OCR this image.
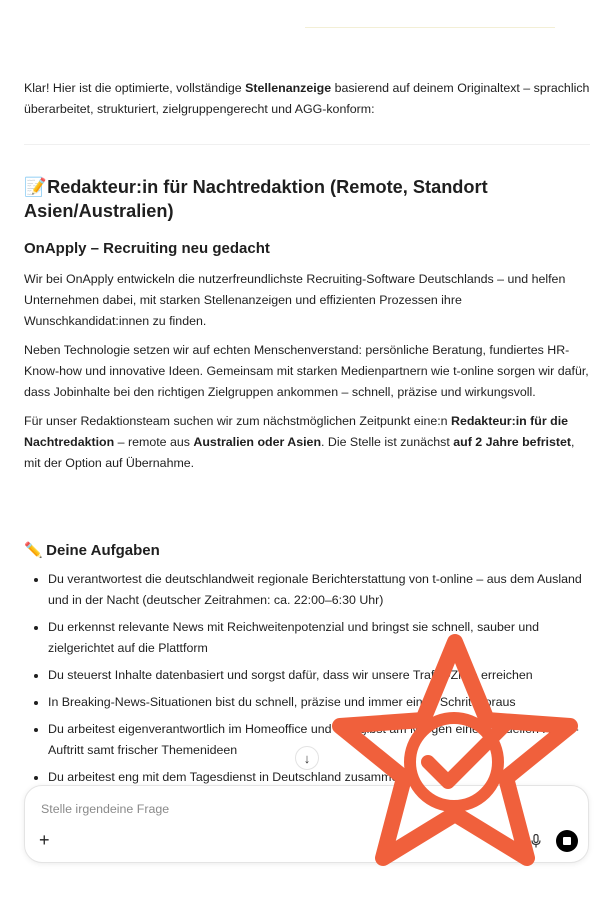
Klar! Hier ist die optimierte, vollständige Stellenanzeige basierend auf deinem Originaltext – sprachlich überarbeitet, strukturiert, zielgruppengerecht und AGG-konform:

📝 Redakteur:in für Nachtredaktion (Remote, Standort Asien/Australien)
OnApply – Recruiting neu gedacht

Wir bei OnApply entwickeln die nutzerfreundlichste Recruiting-Software Deutschlands – und helfen Unternehmen dabei, mit starken Stellenanzeigen und effizienten Prozessen ihre Wunschkandidat:innen zu finden.

Neben Technologie setzen wir auf echten Menschenverstand: persönliche Beratung, fundiertes HR-Know-how und innovative Ideen. Gemeinsam mit starken Medienpartnern wie t-online sorgen wir dafür, dass Jobinhalte bei den richtigen Zielgruppen ankommen – schnell, präzise und wirkungsvoll.

Für unser Redaktionsteam suchen wir zum nächstmöglichen Zeitpunkt eine:n Redakteur:in für die Nachtredaktion – remote aus Australien oder Asien. Die Stelle ist zunächst auf 2 Jahre befristet, mit der Option auf Übernahme.

✏️ Deine Aufgaben
• Du verantwortest die deutschlandweit regionale Berichterstattung von t-online – aus dem Ausland und in der Nacht (deutscher Zeitrahmen: ca. 22:00–6:30 Uhr)
• Du erkennst relevante News mit Reichweitenpotenzial und bringst sie schnell, sauber und zielgerichtet auf die Plattform
• Du steuerst Inhalte datenbasiert und sorgst dafür, dass wir unsere Traffic-Ziele erreichen
• In Breaking-News-Situationen bist du schnell, präzise und immer einen Schritt voraus
• Du arbeitest eigenverantwortlich im Homeoffice und übergibst am Morgen einen aktuellen Regio-Auftritt samt frischer Themenideen
• Du arbeitest eng mit dem Tagesdienst in Deutschland zusammen
↓
Stelle irgendeine Frage
+
